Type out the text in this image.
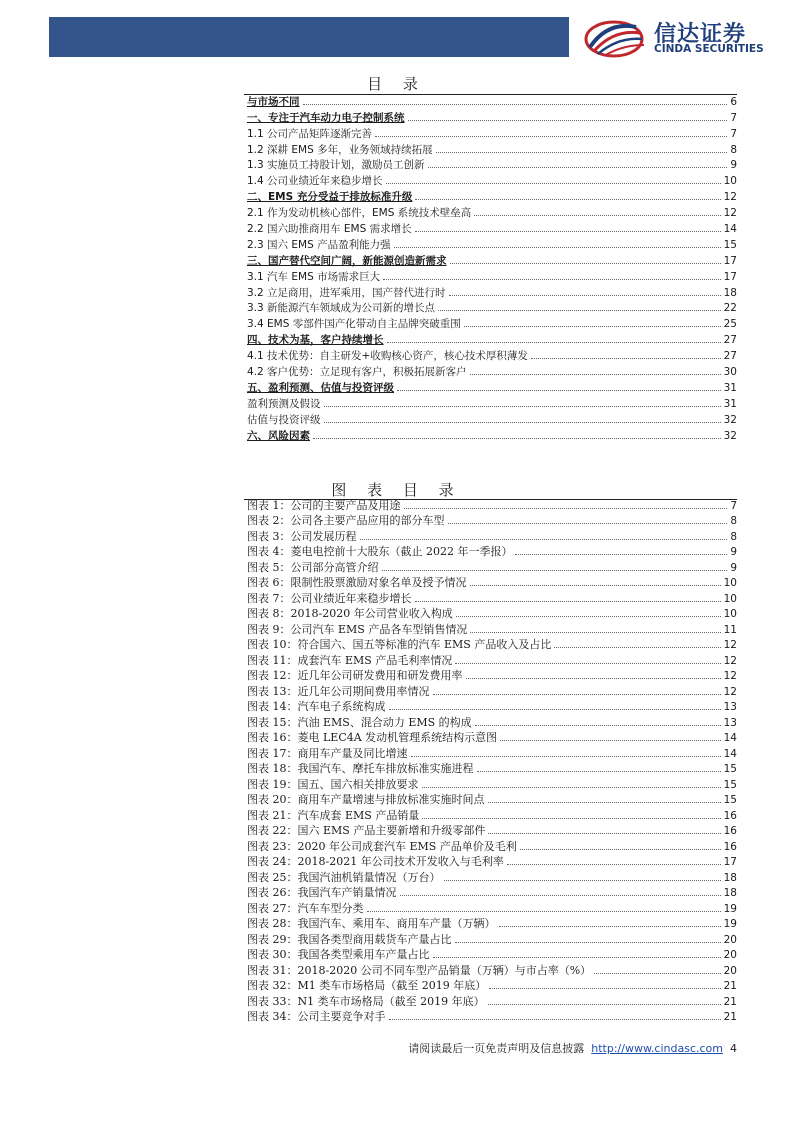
信达证券
CINDA SECURITIES
目 录
与市场不同	6
一、专注于汽车动力电子控制系统	7
1.1 公司产品矩阵逐渐完善	7
1.2 深耕 EMS 多年，业务领域持续拓展	8
1.3 实施员工持股计划，激励员工创新	9
1.4 公司业绩近年来稳步增长	10
二、EMS 充分受益于排放标准升级	12
2.1 作为发动机核心部件，EMS 系统技术壁垒高	12
2.2 国六助推商用车 EMS 需求增长	14
2.3 国六 EMS 产品盈利能力强	15
三、国产替代空间广阔，新能源创造新需求	17
3.1 汽车 EMS 市场需求巨大	17
3.2 立足商用，进军乘用，国产替代进行时	18
3.3 新能源汽车领域成为公司新的增长点	22
3.4 EMS 零部件国产化带动自主品牌突破重围	25
四、技术为基，客户持续增长	27
4.1 技术优势：自主研发+收购核心资产，核心技术厚积薄发	27
4.2 客户优势：立足现有客户，积极拓展新客户	30
五、盈利预测、估值与投资评级	31
盈利预测及假设	31
估值与投资评级	32
六、风险因素	32
图 表 目 录
图表 1：公司的主要产品及用途	7
图表 2：公司各主要产品应用的部分车型	8
图表 3：公司发展历程	8
图表 4：菱电电控前十大股东（截止 2022 年一季报）	9
图表 5：公司部分高管介绍	9
图表 6：限制性股票激励对象名单及授予情况	10
图表 7：公司业绩近年来稳步增长	10
图表 8：2018-2020 年公司营业收入构成	10
图表 9：公司汽车 EMS 产品各车型销售情况	11
图表 10：符合国六、国五等标准的汽车 EMS 产品收入及占比	12
图表 11：成套汽车 EMS 产品毛利率情况	12
图表 12：近几年公司研发费用和研发费用率	12
图表 13：近几年公司期间费用率情况	12
图表 14：汽车电子系统构成	13
图表 15：汽油 EMS、混合动力 EMS 的构成	13
图表 16：菱电 LEC4A 发动机管理系统结构示意图	14
图表 17：商用车产量及同比增速	14
图表 18：我国汽车、摩托车排放标准实施进程	15
图表 19：国五、国六相关排放要求	15
图表 20：商用车产量增速与排放标准实施时间点	15
图表 21：汽车成套 EMS 产品销量	16
图表 22：国六 EMS 产品主要新增和升级零部件	16
图表 23：2020 年公司成套汽车 EMS 产品单价及毛利	16
图表 24：2018-2021 年公司技术开发收入与毛利率	17
图表 25：我国汽油机销量情况（万台）	18
图表 26：我国汽车产销量情况	18
图表 27：汽车车型分类	19
图表 28：我国汽车、乘用车、商用车产量（万辆）	19
图表 29：我国各类型商用载货车产量占比	20
图表 30：我国各类型乘用车产量占比	20
图表 31：2018-2020 公司不同车型产品销量（万辆）与市占率（%）	20
图表 32：M1 类车市场格局（截至 2019 年底）	21
图表 33：N1 类车市场格局（截至 2019 年底）	21
图表 34：公司主要竞争对手	21
请阅读最后一页免责声明及信息披露 http://www.cindasc.com 4
